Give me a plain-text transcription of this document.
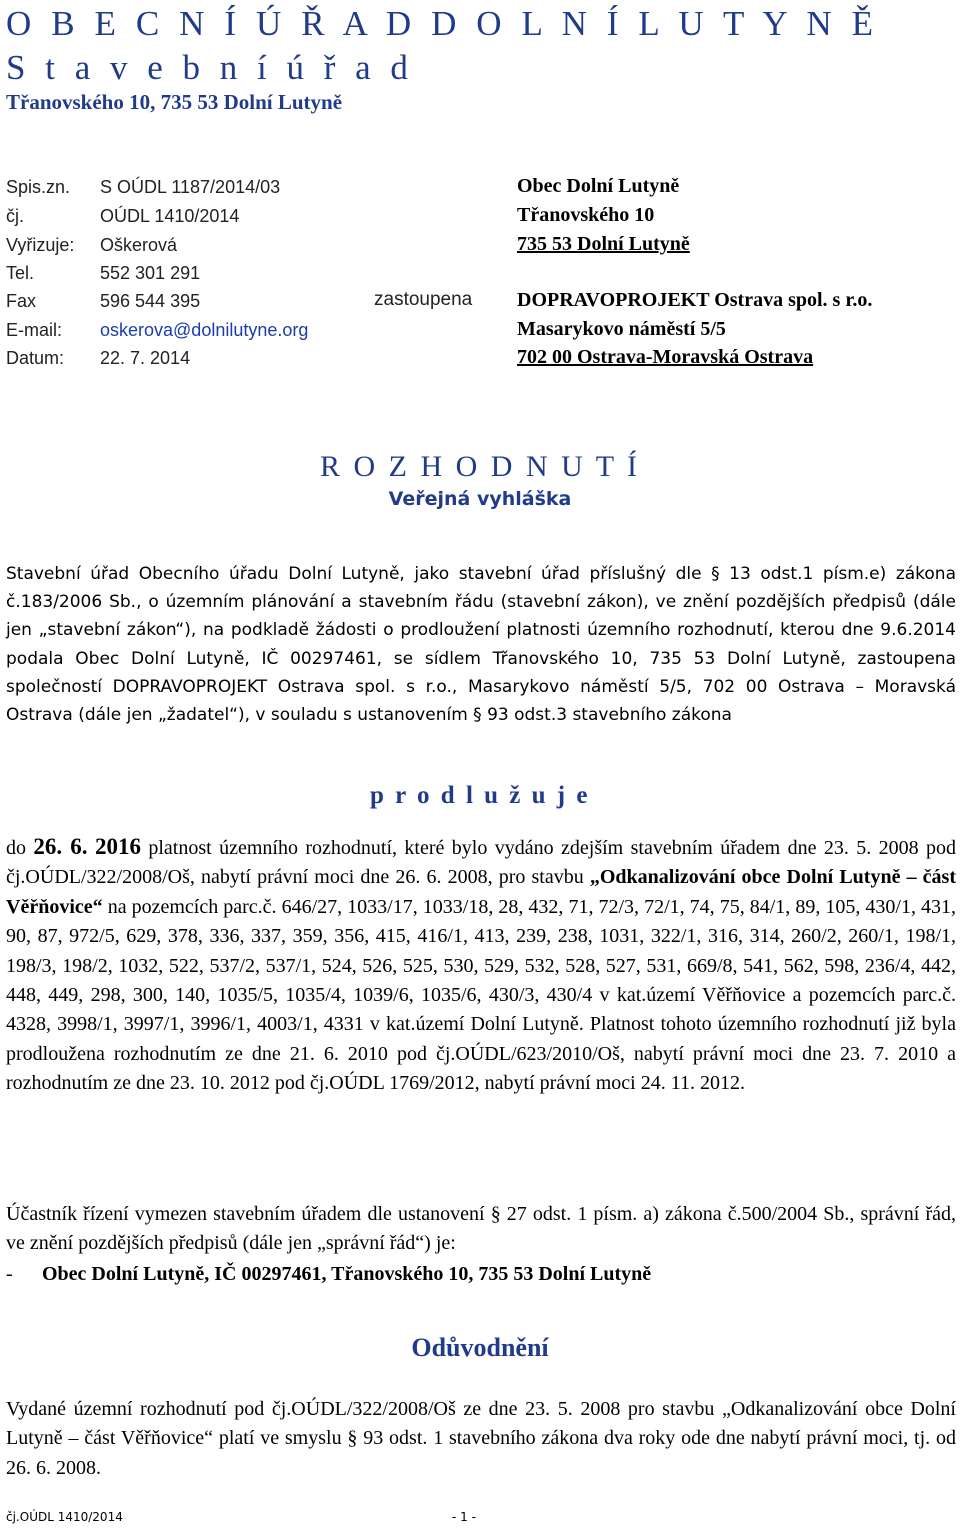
O B E C N Í Ú Ř A D D O L N Í L U T Y N Ě
S t a v e b n í ú ř a d
Třanovského 10, 735 53 Dolní Lutyně
Spis.zn. S OÚDL 1187/2014/03
čj.	OÚDL 1410/2014
Vyřizuje: Oškerová
Tel.	552 301 291
Fax	596 544 395
E-mail: oskerova@dolnilutyne.org
Datum: 22. 7. 2014
Obec Dolní Lutyně
Třanovského 10
735 53 Dolní Lutyně
zastoupena DOPRAVOPROJEKT Ostrava spol. s r.o.
Masarykovo náměstí 5/5
702 00 Ostrava-Moravská Ostrava
R O Z H O D N U T Í
Veřejná vyhláška
Stavební úřad Obecního úřadu Dolní Lutyně, jako stavební úřad příslušný dle § 13 odst.1 písm.e) zákona č.183/2006 Sb., o územním plánování a stavebním řádu (stavební zákon), ve znění pozdějších předpisů (dále jen „stavební zákon“), na podkladě žádosti o prodloužení platnosti územního rozhodnutí, kterou dne 9.6.2014 podala Obec Dolní Lutyně, IČ 00297461, se sídlem Třanovského 10, 735 53 Dolní Lutyně, zastoupena společností DOPRAVOPROJEKT Ostrava spol. s r.o., Masarykovo náměstí 5/5, 702 00 Ostrava – Moravská Ostrava (dále jen „žadatel“), v souladu s ustanovením § 93 odst.3 stavebního zákona
p r o d l u ž u j e
do 26. 6. 2016 platnost územního rozhodnutí, které bylo vydáno zdejším stavebním úřadem dne 23. 5. 2008 pod čj.OÚDL/322/2008/Oš, nabytí právní moci dne 26. 6. 2008, pro stavbu „Odkanalizování obce Dolní Lutyně – část Věřňovice“ na pozemcích parc.č. 646/27, 1033/17, 1033/18, 28, 432, 71, 72/3, 72/1, 74, 75, 84/1, 89, 105, 430/1, 431, 90, 87, 972/5, 629, 378, 336, 337, 359, 356, 415, 416/1, 413, 239, 238, 1031, 322/1, 316, 314, 260/2, 260/1, 198/1, 198/3, 198/2, 1032, 522, 537/2, 537/1, 524, 526, 525, 530, 529, 532, 528, 527, 531, 669/8, 541, 562, 598, 236/4, 442, 448, 449, 298, 300, 140, 1035/5, 1035/4, 1039/6, 1035/6, 430/3, 430/4 v kat.území Věřňovice a pozemcích parc.č. 4328, 3998/1, 3997/1, 3996/1, 4003/1, 4331 v kat.území Dolní Lutyně. Platnost tohoto územního rozhodnutí již byla prodloužena rozhodnutím ze dne 21. 6. 2010 pod čj.OÚDL/623/2010/Oš, nabytí právní moci dne 23. 7. 2010 a rozhodnutím ze dne 23. 10. 2012 pod čj.OÚDL 1769/2012, nabytí právní moci 24. 11. 2012.
Účastník řízení vymezen stavebním úřadem dle ustanovení § 27 odst. 1 písm. a) zákona č.500/2004 Sb., správní řád, ve znění pozdějších předpisů (dále jen „správní řád“) je:
- Obec Dolní Lutyně, IČ 00297461, Třanovského 10, 735 53 Dolní Lutyně
Odůvodnění
Vydané územní rozhodnutí pod čj.OÚDL/322/2008/Oš ze dne 23. 5. 2008 pro stavbu „Odkanalizování obce Dolní Lutyně – část Věřňovice“ platí ve smyslu § 93 odst. 1 stavebního zákona dva roky ode dne nabytí právní moci, tj. od 26. 6. 2008.
čj.OÚDL 1410/2014	- 1 -
